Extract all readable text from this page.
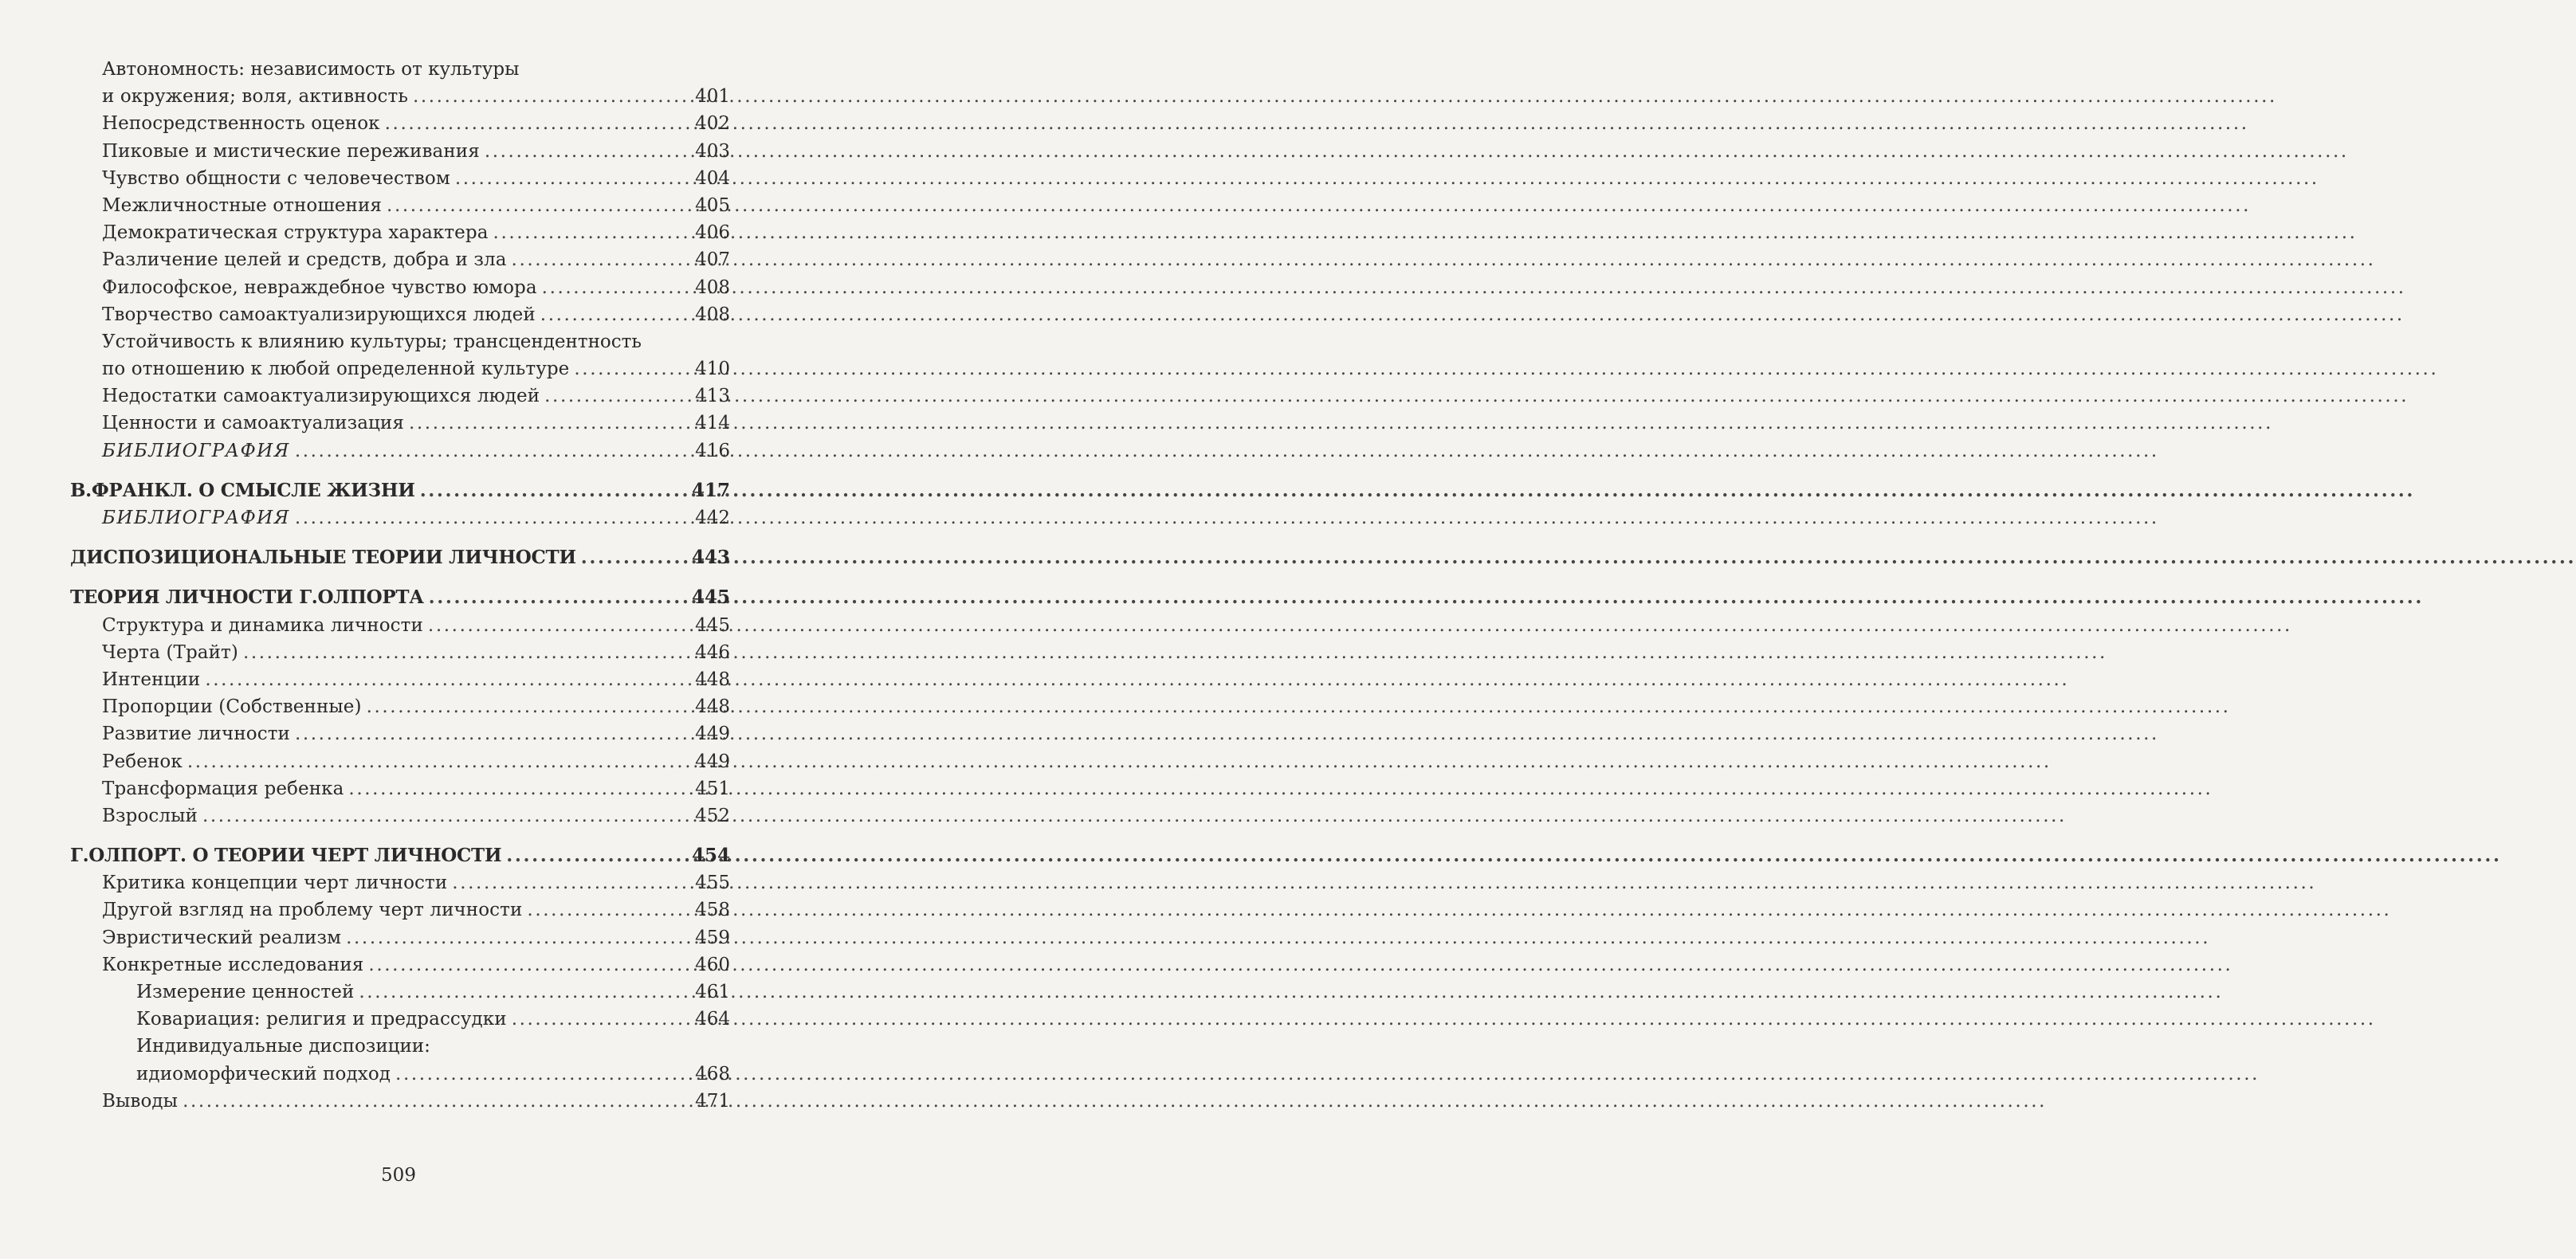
Автономность: независимость от культуры
и окружения; воля, активность .....	401
Непосредственность оценок .....	402
Пиковые и мистические переживания .....	403
Чувство общности с человечеством .....	404
Межличностные отношения .....	405
Демократическая структура характера .....	406
Различение целей и средств, добра и зла .....	407
Философское, невраждебное чувство юмора .....	408
Творчество самоактуализирующихся людей .....	408
Устойчивость к влиянию культуры; трансцендентность
по отношению к любой определенной культуре .....	410
Недостатки самоактуализирующихся людей .....	413
Ценности и самоактуализация .....	414
БИБЛИОГРАФИЯ .....	416
В.ФРАНКЛ. О СМЫСЛЕ ЖИЗНИ .....	417
БИБЛИОГРАФИЯ .....	442
ДИСПОЗИЦИОНАЛЬНЫЕ ТЕОРИИ ЛИЧНОСТИ .....	443
ТЕОРИЯ ЛИЧНОСТИ Г.ОЛПОРТА .....	445
Структура и динамика личности .....	445
Черта (Трайт) .....	446
Интенции .....	448
Пропорции (Собственные) .....	448
Развитие личности .....	449
Ребенок .....	449
Трансформация ребенка .....	451
Взрослый .....	452
Г.ОЛПОРТ. О ТЕОРИИ ЧЕРТ ЛИЧНОСТИ .....	454
Критика концепции черт личности .....	455
Другой взгляд на проблему черт личности .....	458
Эвристический реализм .....	459
Конкретные исследования .....	460
Измерение ценностей .....	461
Ковариация: религия и предрассудки .....	464
Индивидуальные диспозиции:
идиоморфический подход .....	468
Выводы .....	471
509
